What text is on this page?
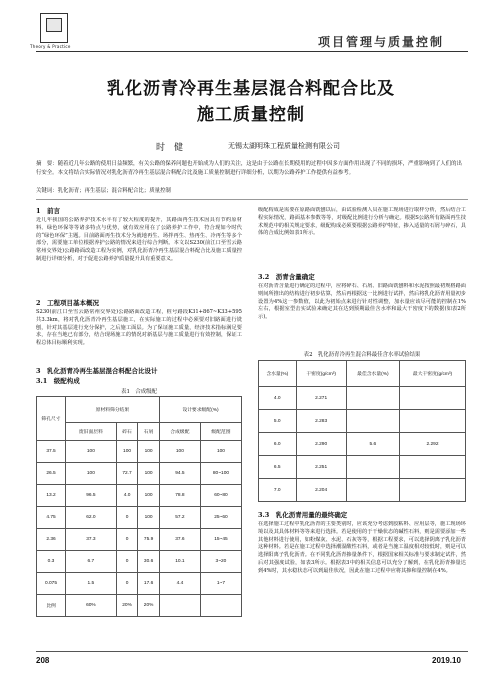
Theory & Practice	项目管理与质量控制
乳化沥青冷再生基层混合料配合比及
施工质量控制
时　健	无锡太湖明珠工程质量检测有限公司
摘　要：随着近几年公路的使用日益频繁，有关公路的保养问题也开始成为人们的关注，这是由于公路在长期使用的过程中因多方面作用出现了不同的损坏，严重影响到了人们的出行安全。本文将结合实际情况对乳化沥青冷再生基层混合料配合比及施工质量控制进行详细分析，以期为公路养护工作提供有益参考。
关键词：乳化沥青；再生基层；混合料配合比；质量控制
1　前言
近几年我国的公路养护技术水平有了较大程度的提升，其路面再生技术因具有节约原材料、绿色环保等等诸多特点与优势，就有效应用在了公路养护工作中，符合现如今时代的“绿色环保”主题。目前路面再生技术分为就地再生、场拌再生、热再生、冷再生等多个部分，需要施工单位根据养护公路的情况来进行综合判断。本文以S230(前江口至雪云路常州交界处)公路路面改造工程为实例，对乳化沥青冷再生基层混合料配合比及施工质量控制进行详细分析，对于促进公路养护质量提升具有重要意义。
2　工程项目基本概况
S230(前江口至雪云路常州交界处)公路路面改造工程，桩号路段K31+867~K33+595共3.3km，将对乳化沥青冷再生基层施工，在实际施工的过程中必须要对旧路面进行铣刨，针对其基层进行充分保护，之后施工面层。为了保证施工质量，经济技术指标满足要求，存在当地已有部分，结合现场施工的情况对新基层与施工质量进行有效控制，保证工程总体目标顺利实现。
3　乳化沥青冷再生基层混合料配合比设计
3.1　级配构成
表1　合成级配
筛孔尺寸	原材料筛分结果			设计要求级配(%)	
	废旧面层料	碎石	石屑	合成级配	级配范围
37.5	100	100	100	100	100
26.5	100	72.7	100	94.5	80~100
13.2	96.5	4.0	100	78.8	60~80
4.75	62.0	0	100	57.2	25~60
2.36	37.3	0	75.9	37.6	15~45
0.3	6.7	0	30.6	10.1	3~20
0.075	1.5	0	17.6	4.4	1~7
比例	60%	20%	20%		
级配构成是需要在原路面铣刨以后，由试验检测人员在施工现场进行取样分析，然后结合工程实际情况，路面基本参数等等，对级配比例进行分析与确定。根据S公路所有路面再生技术规范中的相关规定要求，级配构成必须要根据公路养护特征，掺入适量的石屑与碎石，具体的合成比例如表1所示。
3.2　沥青含量确定
在对沥青含量进行确定的过程中，应将碎石、石屑、旧路面铣刨料和水泥按照最初规格路面则间所推出的结构进行初步估算，然后再根据这一比例进行试拌，然后将乳化沥青用量初步设置为4%这一参数值，以此为初始点来进行针对性调整，加水量应该尽可能的控制在1%左右，根据室型击实试验来确定其在达到预期最佳含水率和最大干密度下的数据(如表2所示)。
表2　乳化沥青冷再生混合料最佳含水率试验结果
含水量(%)	干密度(g/cm³)	最佳含水量(%)	最大干密度(g/cm³)
4.0	2.271		
5.0	2.283		
6.0	2.290	5.6	2.292
6.5	2.251		
7.0	2.204		
3.3　乳化沥青用量的最终确定
在选择施工过程中乳化沥青的主要类别时，应该充分考虑到胶粘料、应用层等，施工现场环境以及其具体材料等等来进行选择。若是使用的于干燥状态的碱性石料，则是需要添加一些其他材料进行使用，如粉煤灰、水泥、石灰等等，根据工程要求，可以选择阴离子乳化沥青这种材料。若是在施工过程中选择潮湿酸性石料，或者是当施工温度相对较低时，则是可以选择阳离子乳化沥青。在不同乳化沥青掺量条件下，根据国家相关标准与要求制定试件，然后对其强度试验，如表3所示。根据表3中的相关信息可以充分了解到，在乳化沥青掺量达到4%时，其水稳状态可以到最佳状况，因此在施工过程中应将其掺和量控制在4%。
208	2019.10
